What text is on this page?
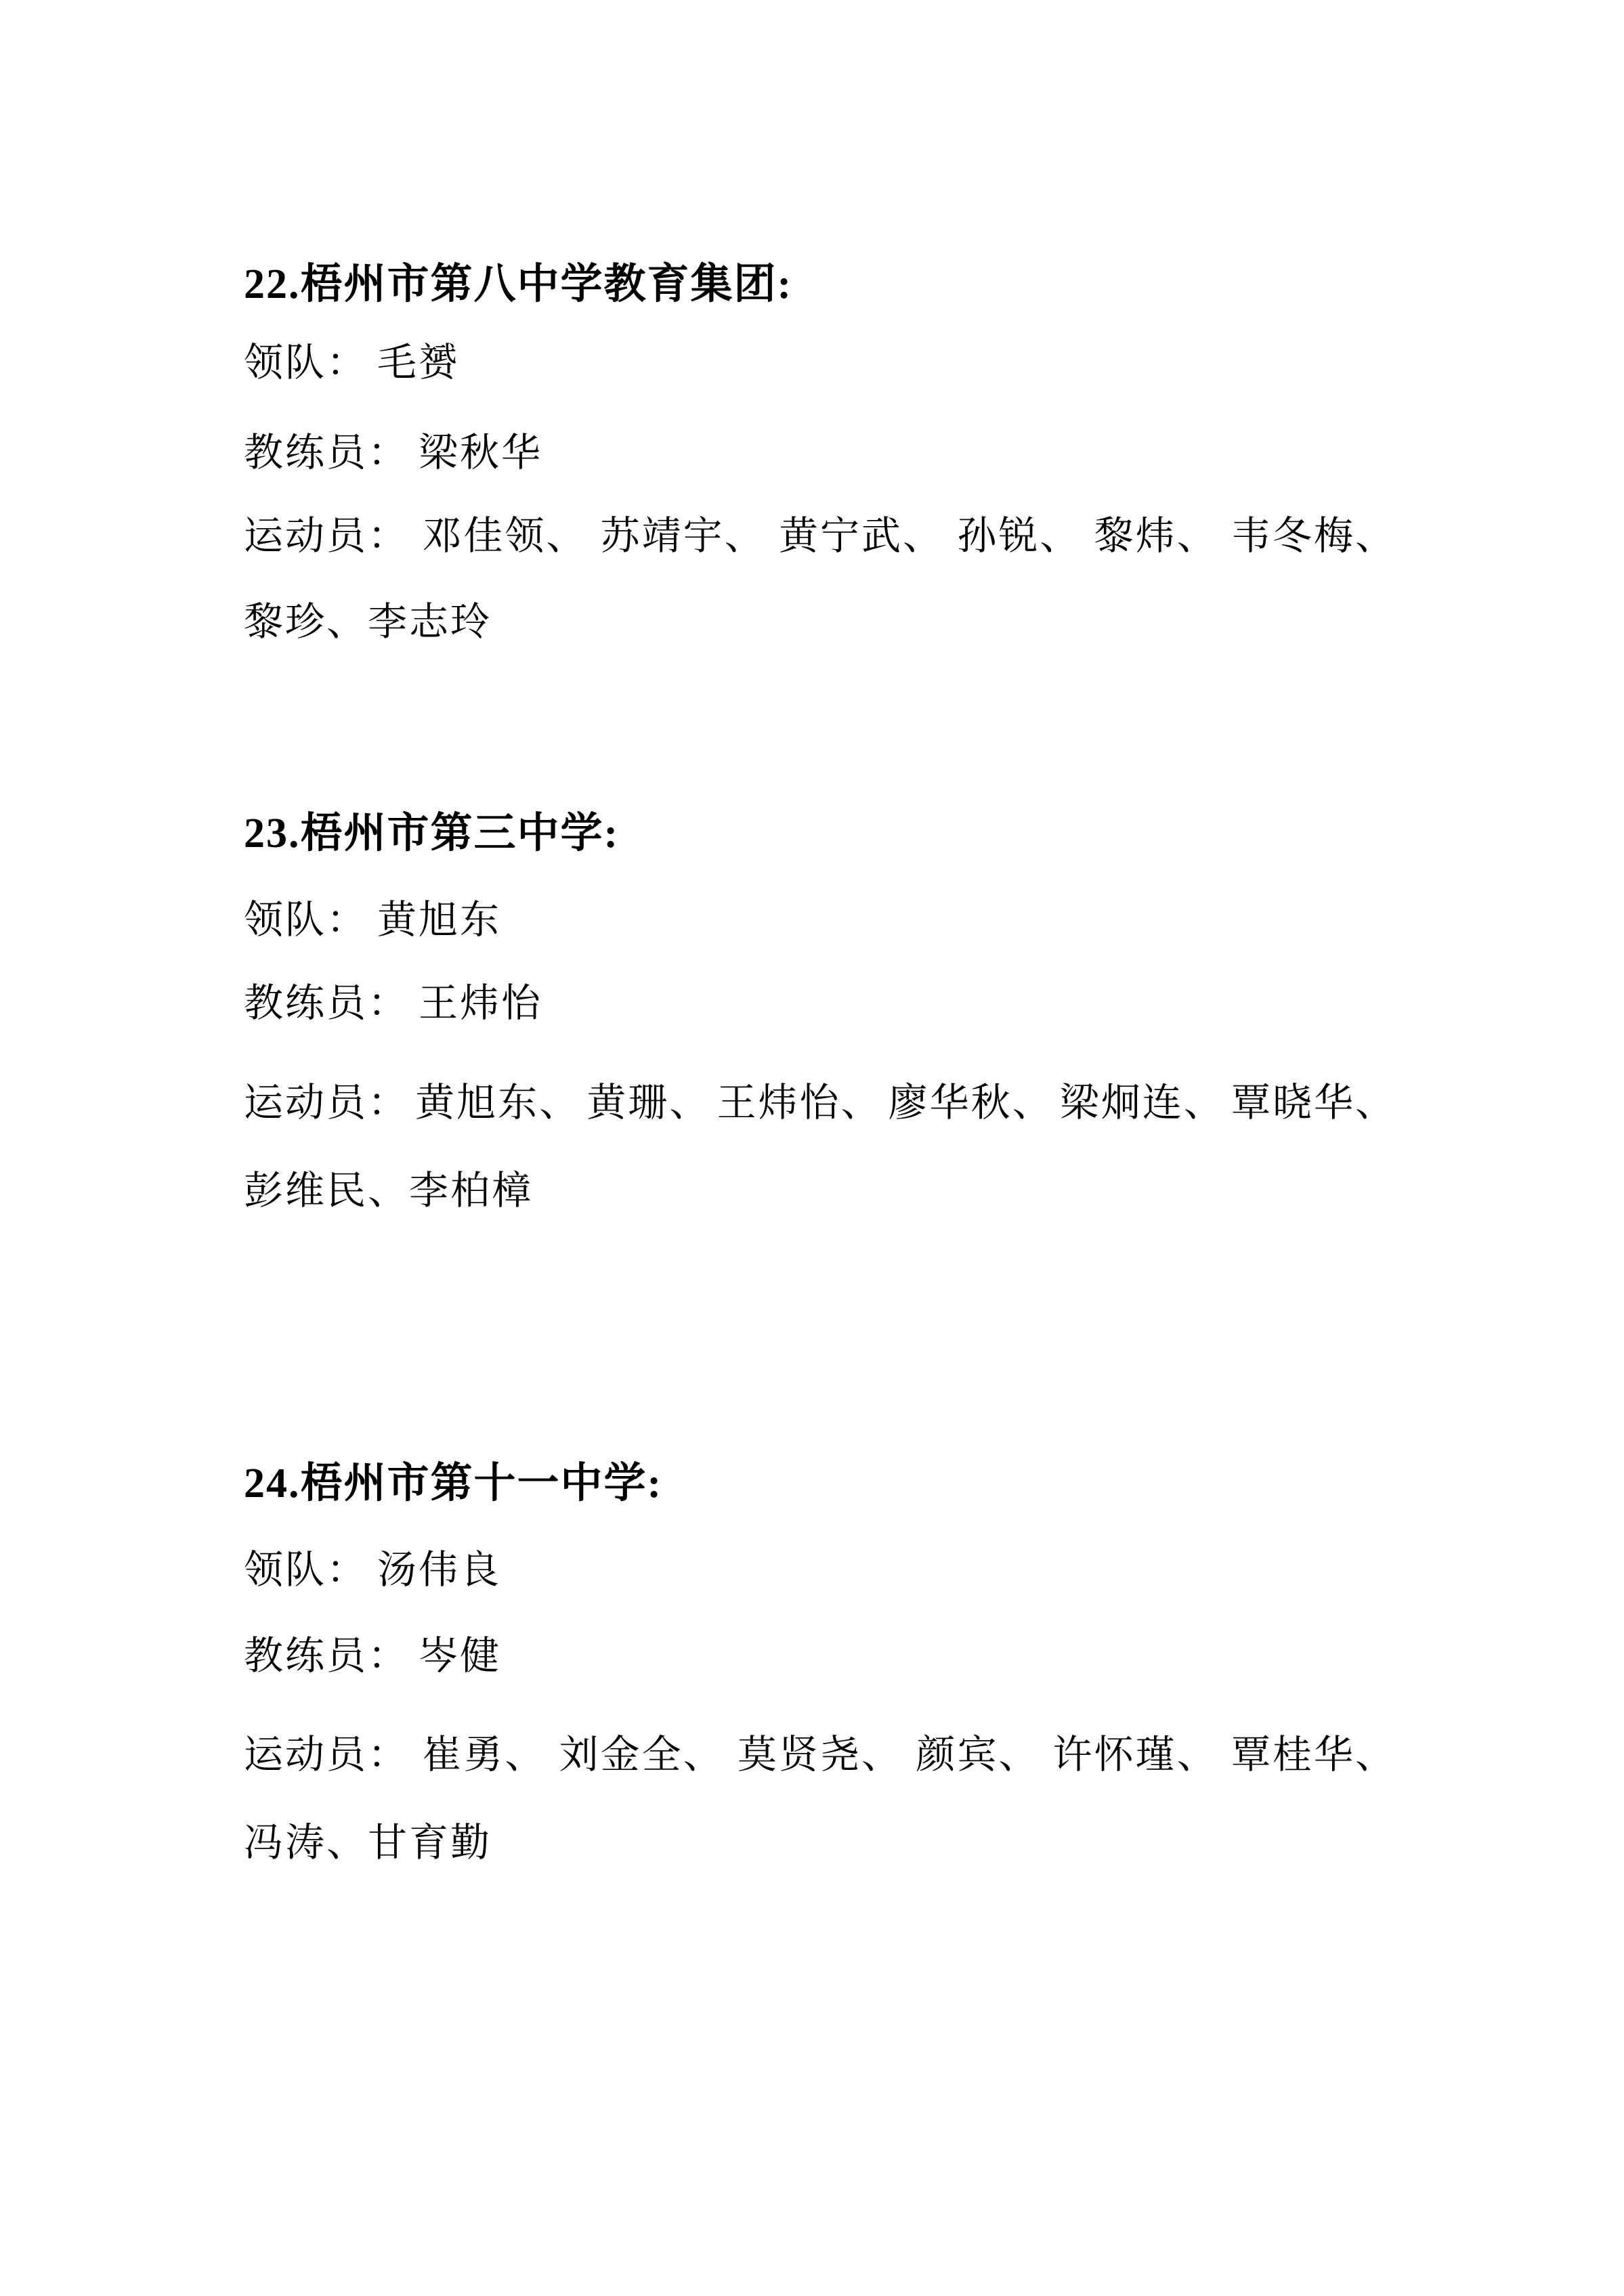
22.梧州市第八中学教育集团:
领队： 毛赟
教练员： 梁秋华
运动员： 邓佳领、 苏靖宇、 黄宁武、 孙锐、 黎炜、 韦冬梅、
黎珍、李志玲
23.梧州市第三中学:
领队： 黄旭东
教练员： 王炜怡
运动员： 黄旭东、 黄珊、 王炜怡、 廖华秋、 梁炯连、 覃晓华、
彭维民、李柏樟
24.梧州市第十一中学:
领队： 汤伟良
教练员： 岑健
运动员： 崔勇、 刘金全、 莫贤尧、 颜宾、 许怀瑾、 覃桂华、
冯涛、甘育勤
